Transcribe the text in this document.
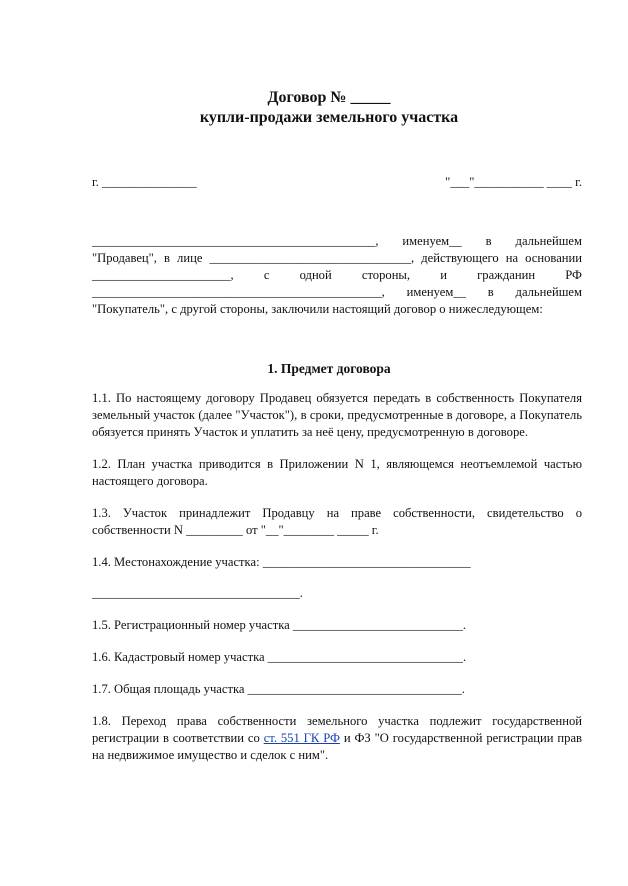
Договор № _____
купли-продажи земельного участка
г. _______________	"___"___________ ____ г.
_____________________________________________, именуем__ в дальнейшем
"Продавец", в лице ________________________________, действующего на основании
______________________, с одной стороны, и гражданин РФ
______________________________________________, именуем__ в дальнейшем
"Покупатель", с другой стороны, заключили настоящий договор о нижеследующем:
1. Предмет договора
1.1. По настоящему договору Продавец обязуется передать в собственность Покупателя
земельный участок (далее "Участок"), в сроки, предусмотренные в договоре, а Покупатель
обязуется принять Участок и уплатить за неё цену, предусмотренную в договоре.
1.2. План участка приводится в Приложении N 1, являющемся неотъемлемой частью
настоящего договора.
1.3. Участок принадлежит Продавцу на праве собственности, свидетельство о
собственности N _________ от "__"________ _____ г.
1.4. Местонахождение участка: _________________________________
_________________________________.
1.5. Регистрационный номер участка ___________________________.
1.6. Кадастровый номер участка _______________________________.
1.7. Общая площадь участка __________________________________.
1.8. Переход права собственности земельного участка подлежит государственной
регистрации в соответствии со ст. 551 ГК РФ и ФЗ "О государственной регистрации прав
на недвижимое имущество и сделок с ним".
